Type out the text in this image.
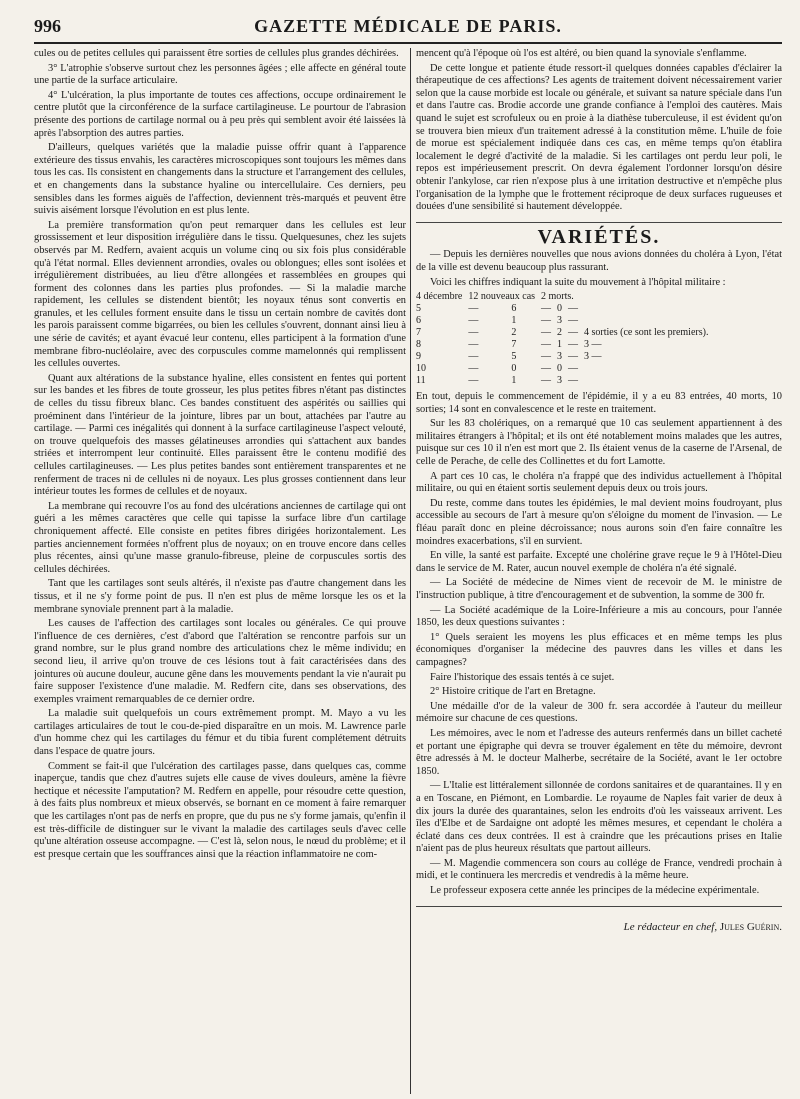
996	GAZETTE MÉDICALE DE PARIS.

cules ou de petites cellules qui paraissent être sorties de cellules plus grandes déchirées.

3° L'atrophie s'observe surtout chez les personnes âgées ; elle affecte en général toute une partie de la surface articulaire.

4° L'ulcération, la plus importante de toutes ces affections, occupe ordinairement le centre plutôt que la circonférence de la surface cartilagineuse. Le pourtour de l'abrasion présente des portions de cartilage normal ou à peu près qui semblent avoir été laissées là après l'absorption des autres parties.

D'ailleurs, quelques variétés que la maladie puisse offrir quant à l'apparence extérieure des tissus envahis, les caractères microscopiques sont toujours les mêmes dans tous les cas. Ils consistent en changements dans la structure et l'arrangement des cellules, et en changements dans la substance hyaline ou intercellulaire. Ces derniers, peu sensibles dans les formes aiguës de l'affection, deviennent très-marqués et peuvent être suivis aisément lorsque l'évolution en est plus lente.

La première transformation qu'on peut remarquer dans les cellules est leur grossissement et leur disposition irrégulière dans le tissu. Quelquesunes, chez les sujets observés par M. Redfern, avaient acquis un volume cinq ou six fois plus considérable qu'à l'état normal. Elles deviennent arrondies, ovales ou oblongues; elles sont isolées et irrégulièrement distribuées, au lieu d'être allongées et rassemblées en groupes qui forment des colonnes dans les parties plus profondes. — Si la maladie marche rapidement, les cellules se distendent bientôt; les noyaux ténus sont convertis en granules, et les cellules forment ensuite dans le tissu un certain nombre de cavités dont les parois paraissent comme bigarrées, ou bien les cellules s'ouvrent, donnant ainsi lieu à une série de cavités; et ayant évacué leur contenu, elles participent à la formation d'une membrane fibro-nucléolaire, avec des corpuscules comme mamelonnés qui remplissent les cellules ouvertes.

Quant aux altérations de la substance hyaline, elles consistent en fentes qui portent sur les bandes et les fibres de toute grosseur, les plus petites fibres n'étant pas distinctes de celles du tissu fibreux blanc. Ces bandes constituent des aspérités ou saillies qui proéminent dans l'intérieur de la jointure, libres par un bout, attachées par l'autre au cartilage. — Parmi ces inégalités qui donnent à la surface cartilagineuse l'aspect velouté, on trouve quelquefois des masses gélatineuses arrondies qui s'attachent aux bandes striées et interrompent leur continuité. Elles paraissent être le contenu modifié des cellules cartilagineuses. — Les plus petites bandes sont entièrement transparentes et ne renferment de traces ni de cellules ni de noyaux. Les plus grosses contiennent dans leur intérieur toutes les formes de cellules et de noyaux.

La membrane qui recouvre l'os au fond des ulcérations anciennes de cartilage qui ont guéri a les mêmes caractères que celle qui tapisse la surface libre d'un cartilage chroniquement affecté. Elle consiste en petites fibres dirigées horizontalement. Les parties anciennement formées n'offrent plus de noyaux; on en trouve encore dans celles plus récentes, ainsi qu'une masse granulo-fibreuse, pleine de corpuscules sortis des cellules déchirées.

Tant que les cartilages sont seuls altérés, il n'existe pas d'autre changement dans les tissus, et il ne s'y forme point de pus. Il n'en est plus de même lorsque les os et la membrane synoviale prennent part à la maladie.

Les causes de l'affection des cartilages sont locales ou générales. Ce qui prouve l'influence de ces dernières, c'est d'abord que l'altération se rencontre parfois sur un grand nombre, sur le plus grand nombre des articulations chez le même individu; en second lieu, il arrive qu'on trouve de ces lésions tout à fait caractérisées dans des jointures où aucune douleur, aucune gêne dans les mouvements pendant la vie n'aurait pu faire supposer l'existence d'une maladie. M. Redfern cite, dans ses observations, des exemples vraiment remarquables de ce dernier ordre.

La maladie suit quelquefois un cours extrêmement prompt. M. Mayo a vu les cartilages articulaires de tout le cou-de-pied disparaître en un mois. M. Lawrence parle d'un homme chez qui les cartilages du fémur et du tibia furent complétement détruits dans l'espace de quatre jours.

Comment se fait-il que l'ulcération des cartilages passe, dans quelques cas, comme inaperçue, tandis que chez d'autres sujets elle cause de vives douleurs, amène la fièvre hectique et nécessite l'amputation? M. Redfern en appelle, pour résoudre cette question, à des faits plus nombreux et mieux observés, se bornant en ce moment à faire remarquer que les cartilages n'ont pas de nerfs en propre, que du pus ne s'y forme jamais, qu'enfin il est très-difficile de distinguer sur le vivant la maladie des cartilages seuls d'avec celle qu'une altération osseuse accompagne. — C'est là, selon nous, le nœud du problème; et il est presque certain que les souffrances ainsi que la réaction inflammatoire ne com-

mencent qu'à l'époque où l'os est altéré, ou bien quand la synoviale s'enflamme.

De cette longue et patiente étude ressort-il quelques données capables d'éclairer la thérapeutique de ces affections? Les agents de traitement doivent nécessairement varier selon que la cause morbide est locale ou générale, et suivant sa nature spéciale dans l'un et dans l'autre cas. Brodie accorde une grande confiance à l'emploi des cautères. Mais quand le sujet est scrofuleux ou en proie à la diathèse tuberculeuse, il est évident qu'on se trouvera bien mieux d'un traitement adressé à la constitution même. L'huile de foie de morue est spécialement indiquée dans ces cas, en même temps qu'on établira localement le degré d'activité de la maladie. Si les cartilages ont perdu leur poli, le repos est impérieusement prescrit. On devra également l'ordonner lorsqu'on désire obtenir l'ankylose, car rien n'expose plus à une irritation destructive et n'empêche plus l'organisation de la lymphe que le frottement réciproque de deux surfaces rugueuses et douées d'une sensibilité si hautement développée.

VARIÉTÉS.

— Depuis les dernières nouvelles que nous avions données du choléra à Lyon, l'état de la ville est devenu beaucoup plus rassurant.

Voici les chiffres indiquant la suite du mouvement à l'hôpital militaire :

4 décembre	12 nouveaux cas		2 morts.			
5	—	6	—	0	—	
6	—	1	—	3	—	
7	—	2	—	2	—	4 sorties (ce sont les premiers).
8	—	7	—	1	—	3 —
9	—	5	—	3	—	3 —
10	—	0	—	0	—	
11	—	1	—	3	—	

En tout, depuis le commencement de l'épidémie, il y a eu 83 entrées, 40 morts, 10 sorties; 14 sont en convalescence et le reste en traitement.

Sur les 83 cholériques, on a remarqué que 10 cas seulement appartiennent à des militaires étrangers à l'hôpital; et ils ont été notablement moins malades que les autres, puisque sur ces 10 il n'en est mort que 2. Ils étaient venus de la caserne de l'Arsenal, de celle de Perache, de celle des Collinettes et du fort Lamotte.

A part ces 10 cas, le choléra n'a frappé que des individus actuellement à l'hôpital militaire, ou qui en étaient sortis seulement depuis deux ou trois jours.

Du reste, comme dans toutes les épidémies, le mal devient moins foudroyant, plus accessible au secours de l'art à mesure qu'on s'éloigne du moment de l'invasion. — Le fléau paraît donc en pleine décroissance; nous aurons soin d'en faire connaître les moindres exacerbations, s'il en survient.

En ville, la santé est parfaite. Excepté une cholérine grave reçue le 9 à l'Hôtel-Dieu dans le service de M. Rater, aucun nouvel exemple de choléra n'a été signalé.

— La Société de médecine de Nimes vient de recevoir de M. le ministre de l'instruction publique, à titre d'encouragement et de subvention, la somme de 300 fr.

— La Société académique de la Loire-Inférieure a mis au concours, pour l'année 1850, les deux questions suivantes :

1° Quels seraient les moyens les plus efficaces et en même temps les plus économiques d'organiser la médecine des pauvres dans les villes et dans les campagnes?

Faire l'historique des essais tentés à ce sujet.

2° Histoire critique de l'art en Bretagne.

Une médaille d'or de la valeur de 300 fr. sera accordée à l'auteur du meilleur mémoire sur chacune de ces questions.

Les mémoires, avec le nom et l'adresse des auteurs renfermés dans un billet cacheté et portant une épigraphe qui devra se trouver également en tête du mémoire, devront être adressés à M. le docteur Malherbe, secrétaire de la Société, avant le 1er octobre 1850.

— L'Italie est littéralement sillonnée de cordons sanitaires et de quarantaines. Il y en a en Toscane, en Piémont, en Lombardie. Le royaume de Naples fait varier de deux à dix jours la durée des quarantaines, selon les endroits d'où les vaisseaux arrivent. Les îles d'Elbe et de Sardaigne ont adopté les mêmes mesures, et cependant le choléra a éclaté dans ces deux contrées. Il est à craindre que les précautions prises en Italie n'aient pas de plus heureux résultats que partout ailleurs.

— M. Magendie commencera son cours au collége de France, vendredi prochain à midi, et le continuera les mercredis et vendredis à la même heure.

Le professeur exposera cette année les principes de la médecine expérimentale.

Le rédacteur en chef, Jules Guérin.
